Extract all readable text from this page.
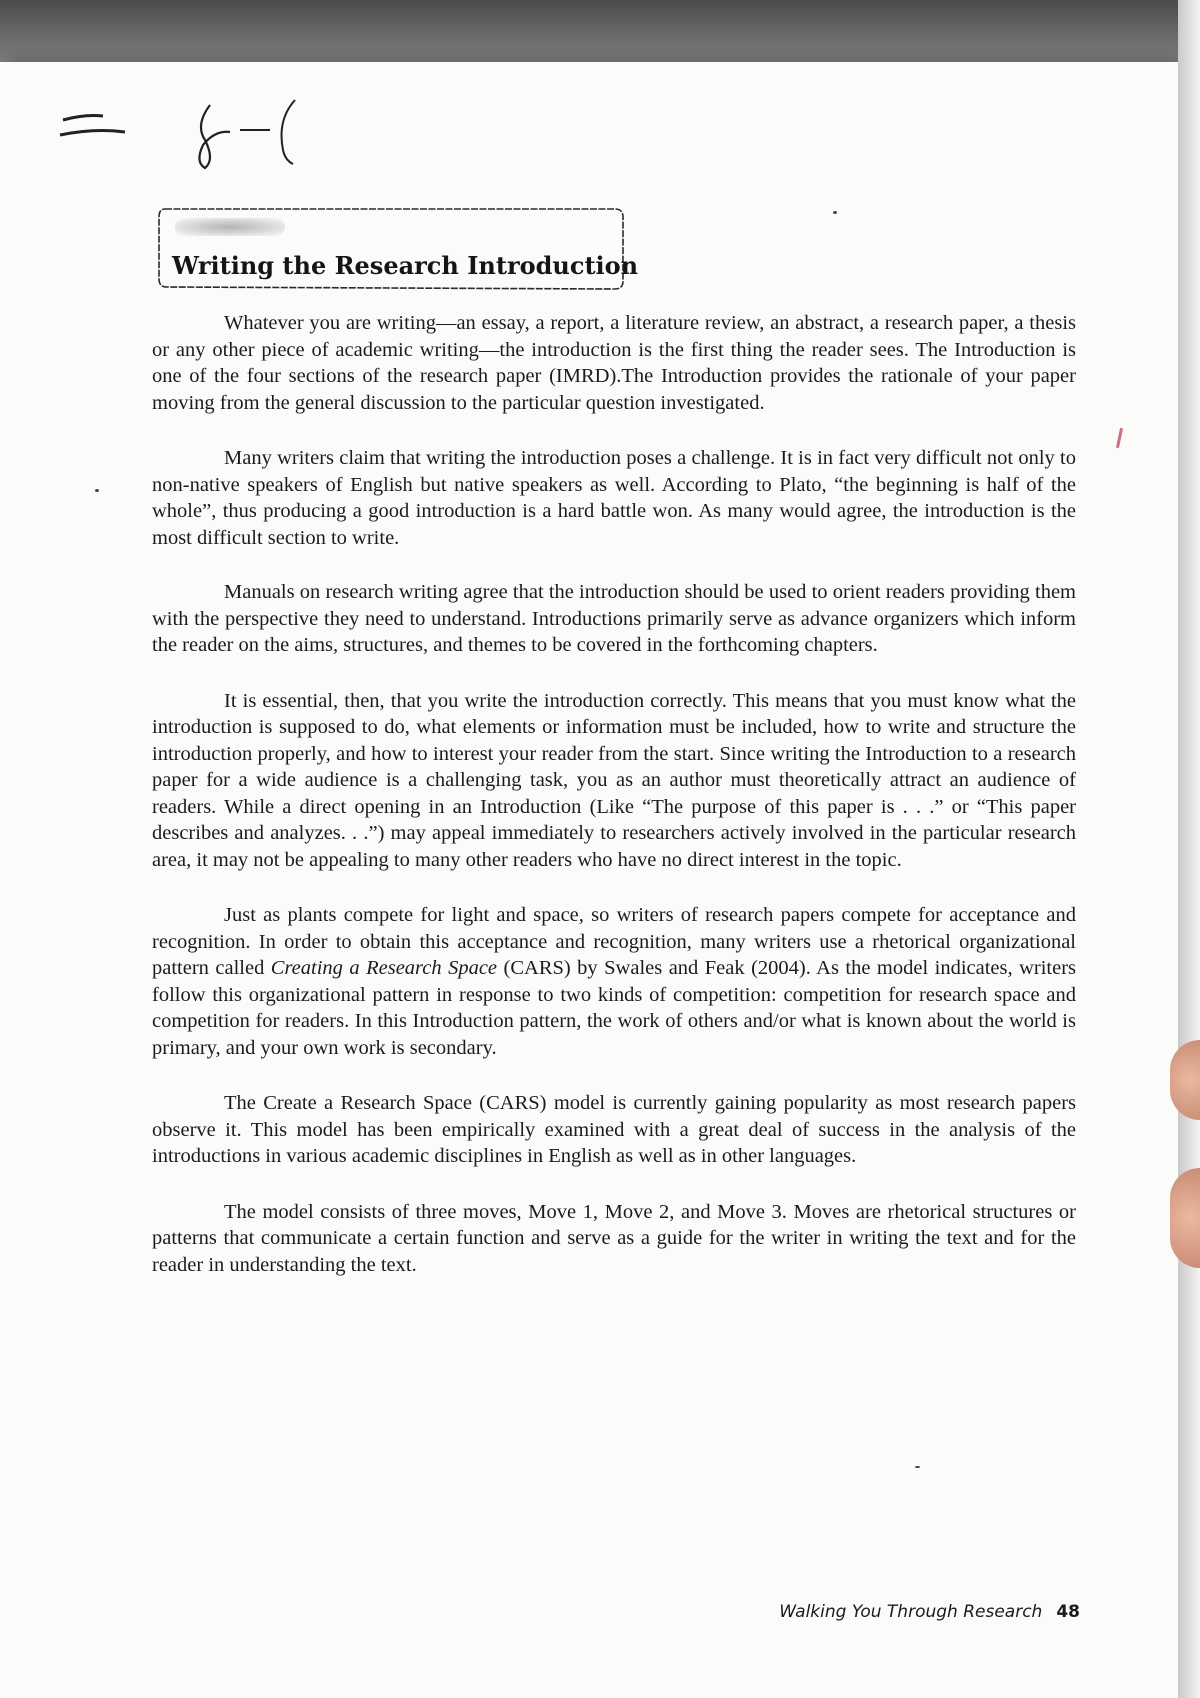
Writing the Research Introduction

Whatever you are writing—an essay, a report, a literature review, an abstract, a research paper, a thesis or any other piece of academic writing—the introduction is the first thing the reader sees. The Introduction is one of the four sections of the research paper (IMRD).The Introduction provides the rationale of your paper moving from the general discussion to the particular question investigated.

Many writers claim that writing the introduction poses a challenge. It is in fact very difficult not only to non-native speakers of English but native speakers as well. According to Plato, “the beginning is half of the whole”, thus producing a good introduction is a hard battle won. As many would agree, the introduction is the most difficult section to write.

Manuals on research writing agree that the introduction should be used to orient readers providing them with the perspective they need to understand. Introductions primarily serve as advance organizers which inform the reader on the aims, structures, and themes to be covered in the forthcoming chapters.

It is essential, then, that you write the introduction correctly. This means that you must know what the introduction is supposed to do, what elements or information must be included, how to write and structure the introduction properly, and how to interest your reader from the start. Since writing the Introduction to a research paper for a wide audience is a challenging task, you as an author must theoretically attract an audience of readers. While a direct opening in an Introduction (Like “The purpose of this paper is . . .” or “This paper describes and analyzes. . .”) may appeal immediately to researchers actively involved in the particular research area, it may not be appealing to many other readers who have no direct interest in the topic.

Just as plants compete for light and space, so writers of research papers compete for acceptance and recognition. In order to obtain this acceptance and recognition, many writers use a rhetorical organizational pattern called Creating a Research Space (CARS) by Swales and Feak (2004). As the model indicates, writers follow this organizational pattern in response to two kinds of competition: competition for research space and competition for readers. In this Introduction pattern, the work of others and/or what is known about the world is primary, and your own work is secondary.

The Create a Research Space (CARS) model is currently gaining popularity as most research papers observe it. This model has been empirically examined with a great deal of success in the analysis of the introductions in various academic disciplines in English as well as in other languages.

The model consists of three moves, Move 1, Move 2, and Move 3. Moves are rhetorical structures or patterns that communicate a certain function and serve as a guide for the writer in writing the text and for the reader in understanding the text.

Walking You Through Research 48
